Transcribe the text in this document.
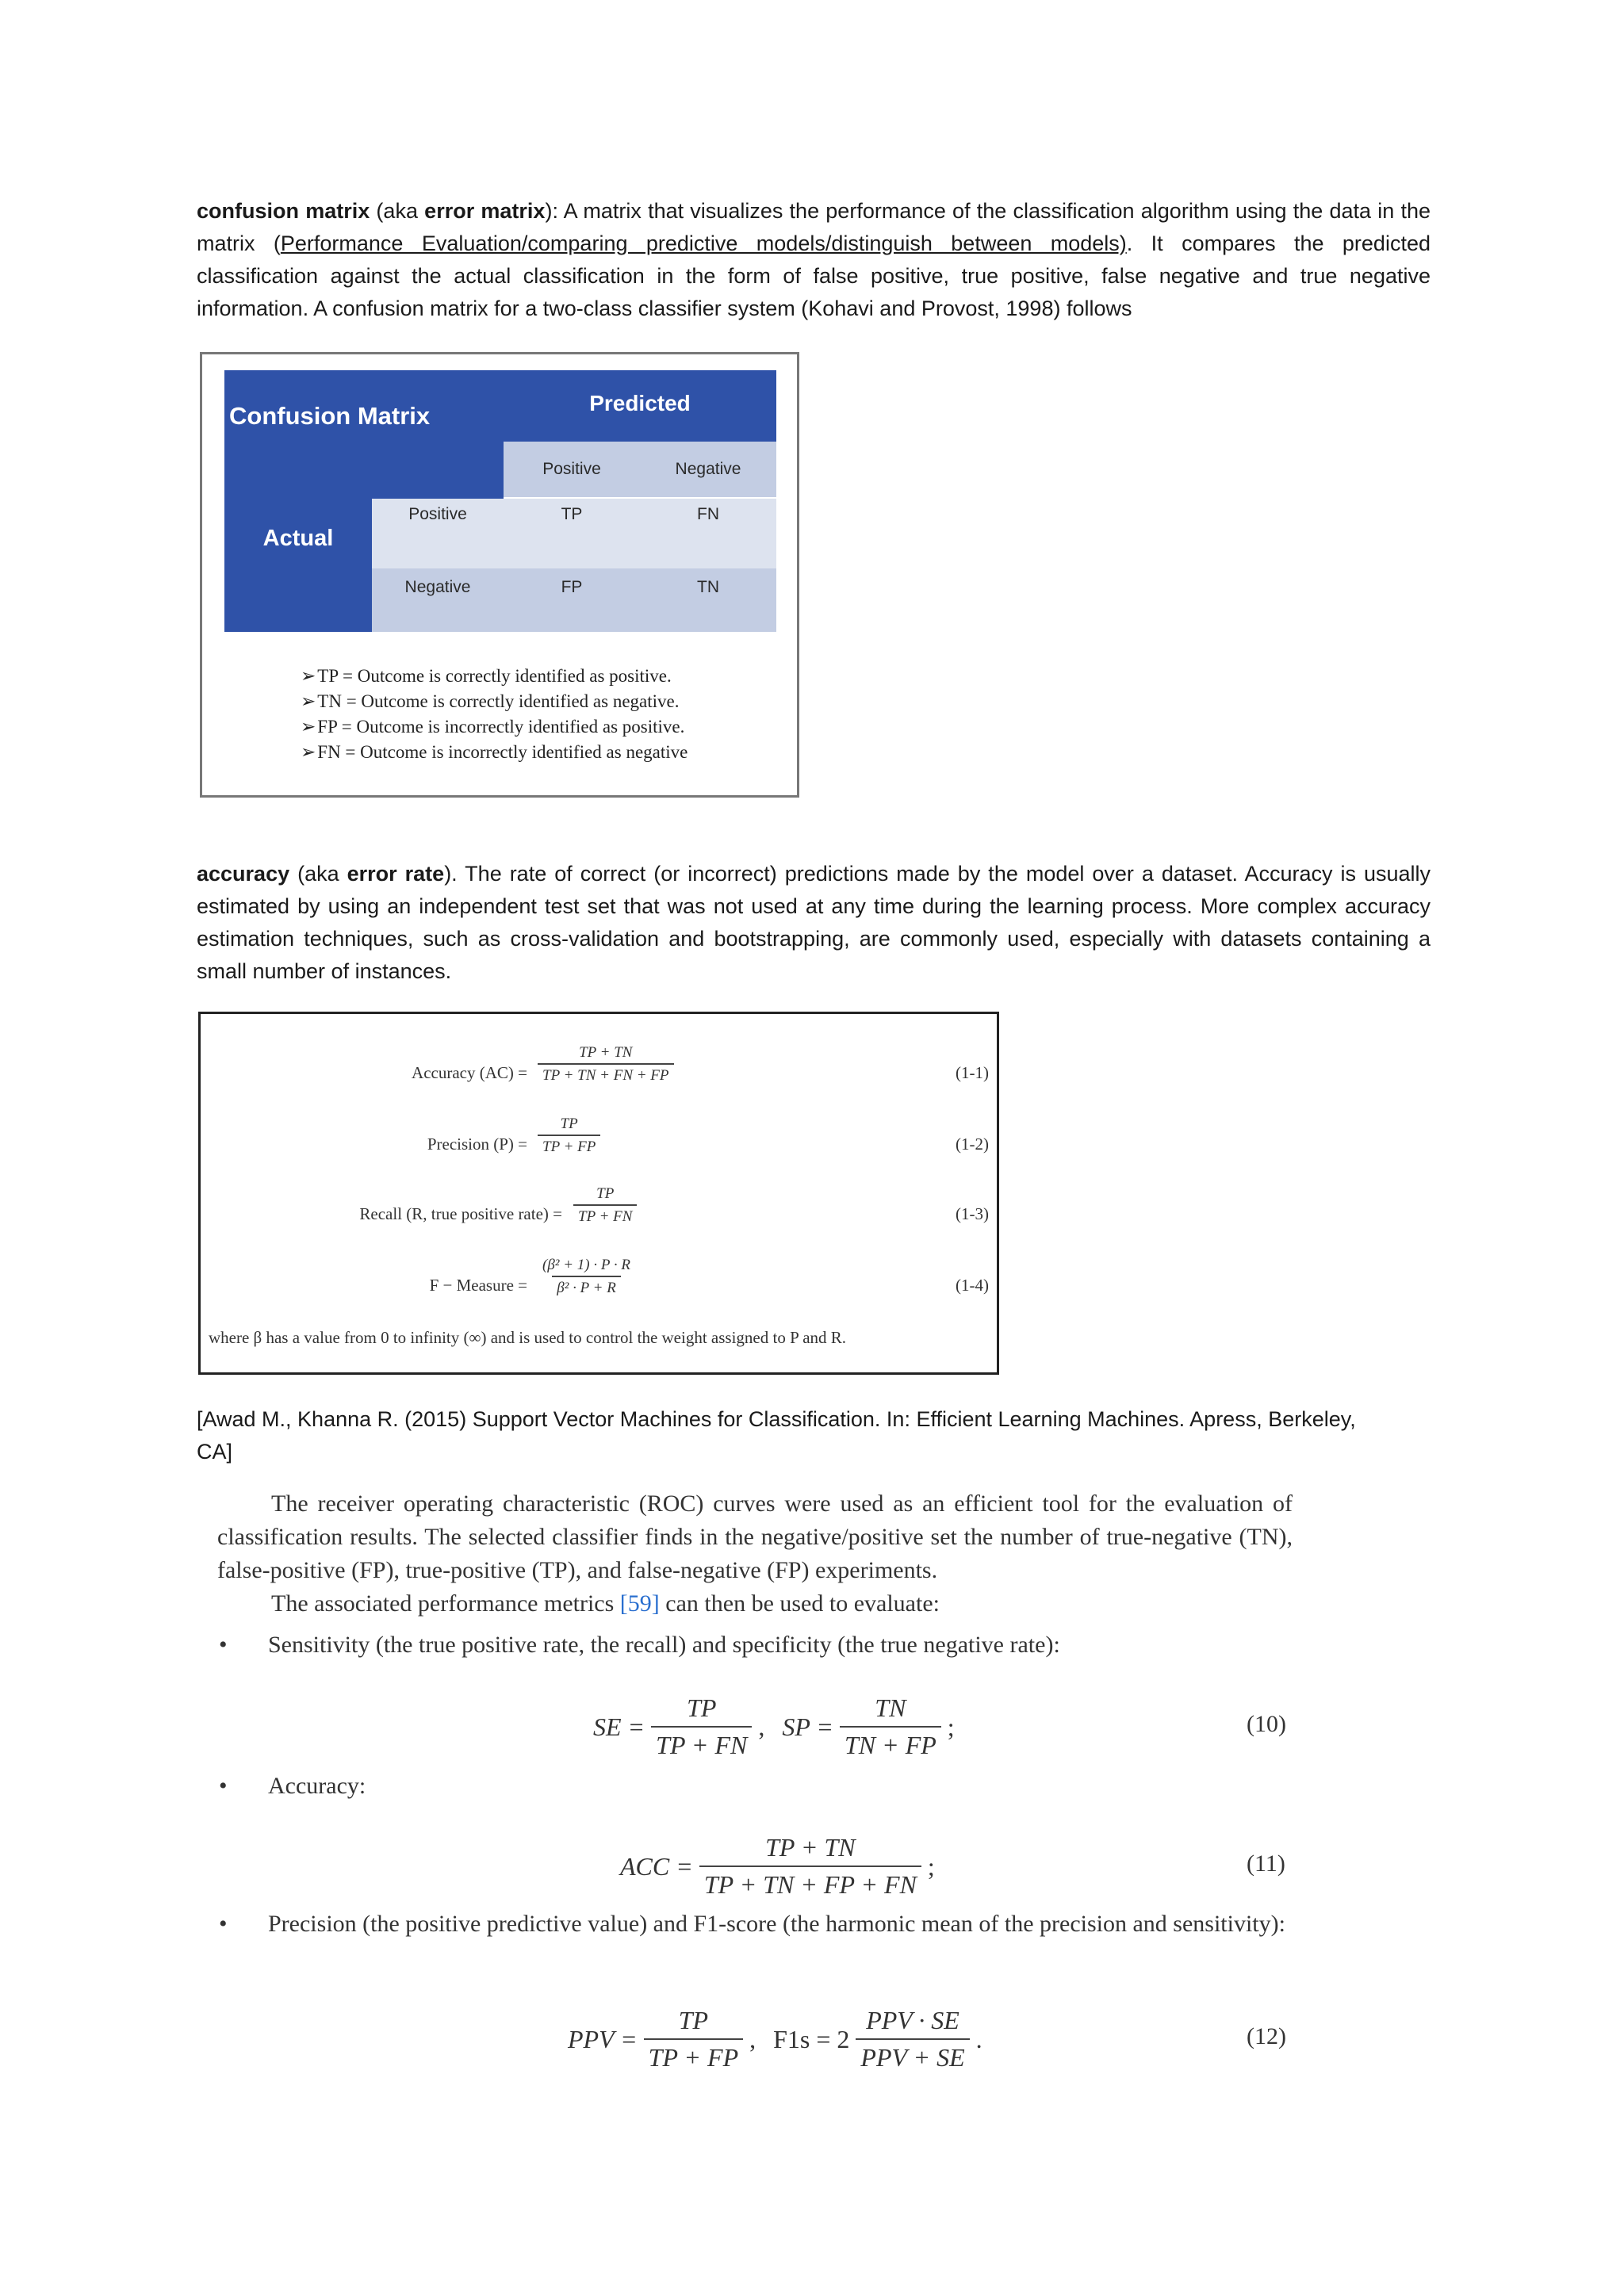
confusion matrix (aka error matrix): A matrix that visualizes the performance of the classification algorithm using the data in the matrix (Performance Evaluation/comparing predictive models/distinguish between models). It compares the predicted classification against the actual classification in the form of false positive, true positive, false negative and true negative information. A confusion matrix for a two-class classifier system (Kohavi and Provost, 1998) follows
Confusion Matrix	Predicted
Positive	Negative
Actual
Positive	TP	FN
Negative	FP	TN
➢ TP = Outcome is correctly identified as positive.
➢ TN = Outcome is correctly identified as negative.
➢ FP = Outcome is incorrectly identified as positive.
➢ FN = Outcome is incorrectly identified as negative
accuracy (aka error rate). The rate of correct (or incorrect) predictions made by the model over a dataset. Accuracy is usually estimated by using an independent test set that was not used at any time during the learning process. More complex accuracy estimation techniques, such as cross-validation and bootstrapping, are commonly used, especially with datasets containing a small number of instances.
Accuracy $(AC) = \frac{TP + TN}{TP + TN + FN + FP}$	(1-1)
Precision $(P) = \frac{TP}{TP + FP}$	(1-2)
Recall (R, true positive rate) = $\frac{TP}{TP + FN}$	(1-3)
F − Measure = $\frac{\text{(β² + 1) · P · R}}{\text{β² · P + R}}$	(1-4)
where β has a value from 0 to infinity (∞) and is used to control the weight assigned to P and R.
[Awad M., Khanna R. (2015) Support Vector Machines for Classification. In: Efficient Learning Machines. Apress, Berkeley,
CA]
The receiver operating characteristic (ROC) curves were used as an efficient tool for the evaluation of classification results. The selected classifier finds in the negative/positive set the number of true-negative (TN), false-positive (FP), true-positive (TP), and false-negative (FP) experiments.
The associated performance metrics [59] can then be used to evaluate:
• Sensitivity (the true positive rate, the recall) and specificity (the true negative rate):
SE = $\frac{TP}{TP + FN}$ , SP = $\frac{TN}{TN + FP}$ ;	(10)
• Accuracy:
ACC = $\frac{TP + TN}{TP + TN + FP + FN}$ ;	(11)
• Precision (the positive predictive value) and F1-score (the harmonic mean of the precision and sensitivity):
PPV = $\frac{TP}{TP + FP}$ , F1s = 2
PPV · SE
PPV + SE
.	(12)
